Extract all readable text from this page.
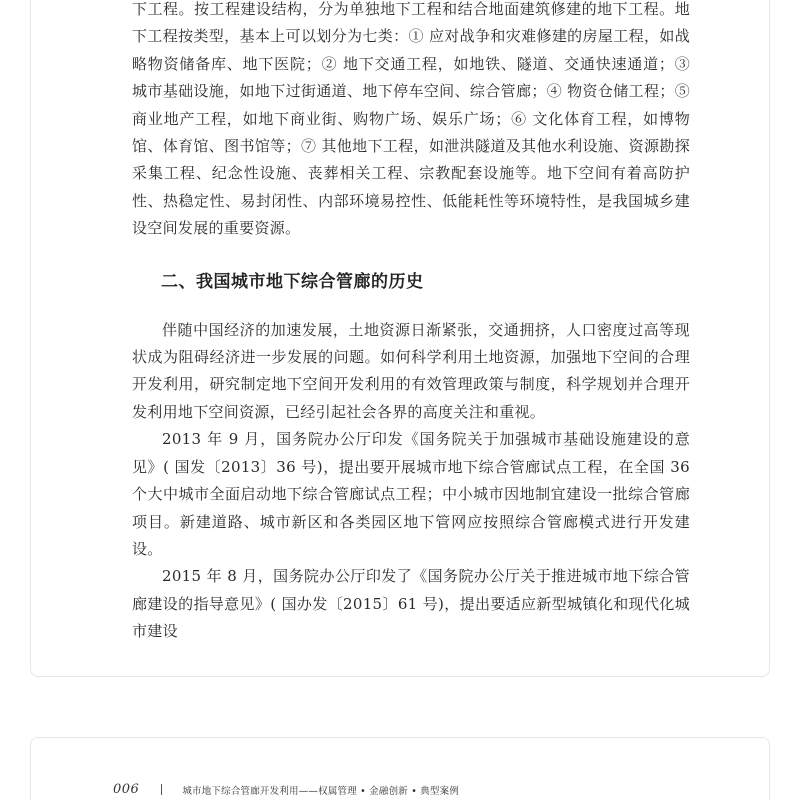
下工程。按工程建设结构，分为单独地下工程和结合地面建筑修建的地下工程。地下工程按类型，基本上可以划分为七类：① 应对战争和灾难修建的房屋工程，如战略物资储备库、地下医院；② 地下交通工程，如地铁、隧道、交通快速通道；③ 城市基础设施，如地下过街通道、地下停车空间、综合管廊；④ 物资仓储工程；⑤ 商业地产工程，如地下商业街、购物广场、娱乐广场；⑥ 文化体育工程，如博物馆、体育馆、图书馆等；⑦ 其他地下工程，如泄洪隧道及其他水利设施、资源勘探采集工程、纪念性设施、丧葬相关工程、宗教配套设施等。地下空间有着高防护性、热稳定性、易封闭性、内部环境易控性、低能耗性等环境特性，是我国城乡建设空间发展的重要资源。

二、我国城市地下综合管廊的历史

伴随中国经济的加速发展，土地资源日渐紧张，交通拥挤，人口密度过高等现状成为阻碍经济进一步发展的问题。如何科学利用土地资源，加强地下空间的合理开发利用，研究制定地下空间开发利用的有效管理政策与制度，科学规划并合理开发利用地下空间资源，已经引起社会各界的高度关注和重视。

2013 年 9 月，国务院办公厅印发《国务院关于加强城市基础设施建设的意见》( 国发〔2013〕36 号)，提出要开展城市地下综合管廊试点工程，在全国 36 个大中城市全面启动地下综合管廊试点工程；中小城市因地制宜建设一批综合管廊项目。新建道路、城市新区和各类园区地下管网应按照综合管廊模式进行开发建设。

2015 年 8 月，国务院办公厅印发了《国务院办公厅关于推进城市地下综合管廊建设的指导意见》( 国办发〔2015〕61 号)，提出要适应新型城镇化和现代化城市建设

006	城市地下综合管廊开发利用——权属管理 • 金融创新 • 典型案例
